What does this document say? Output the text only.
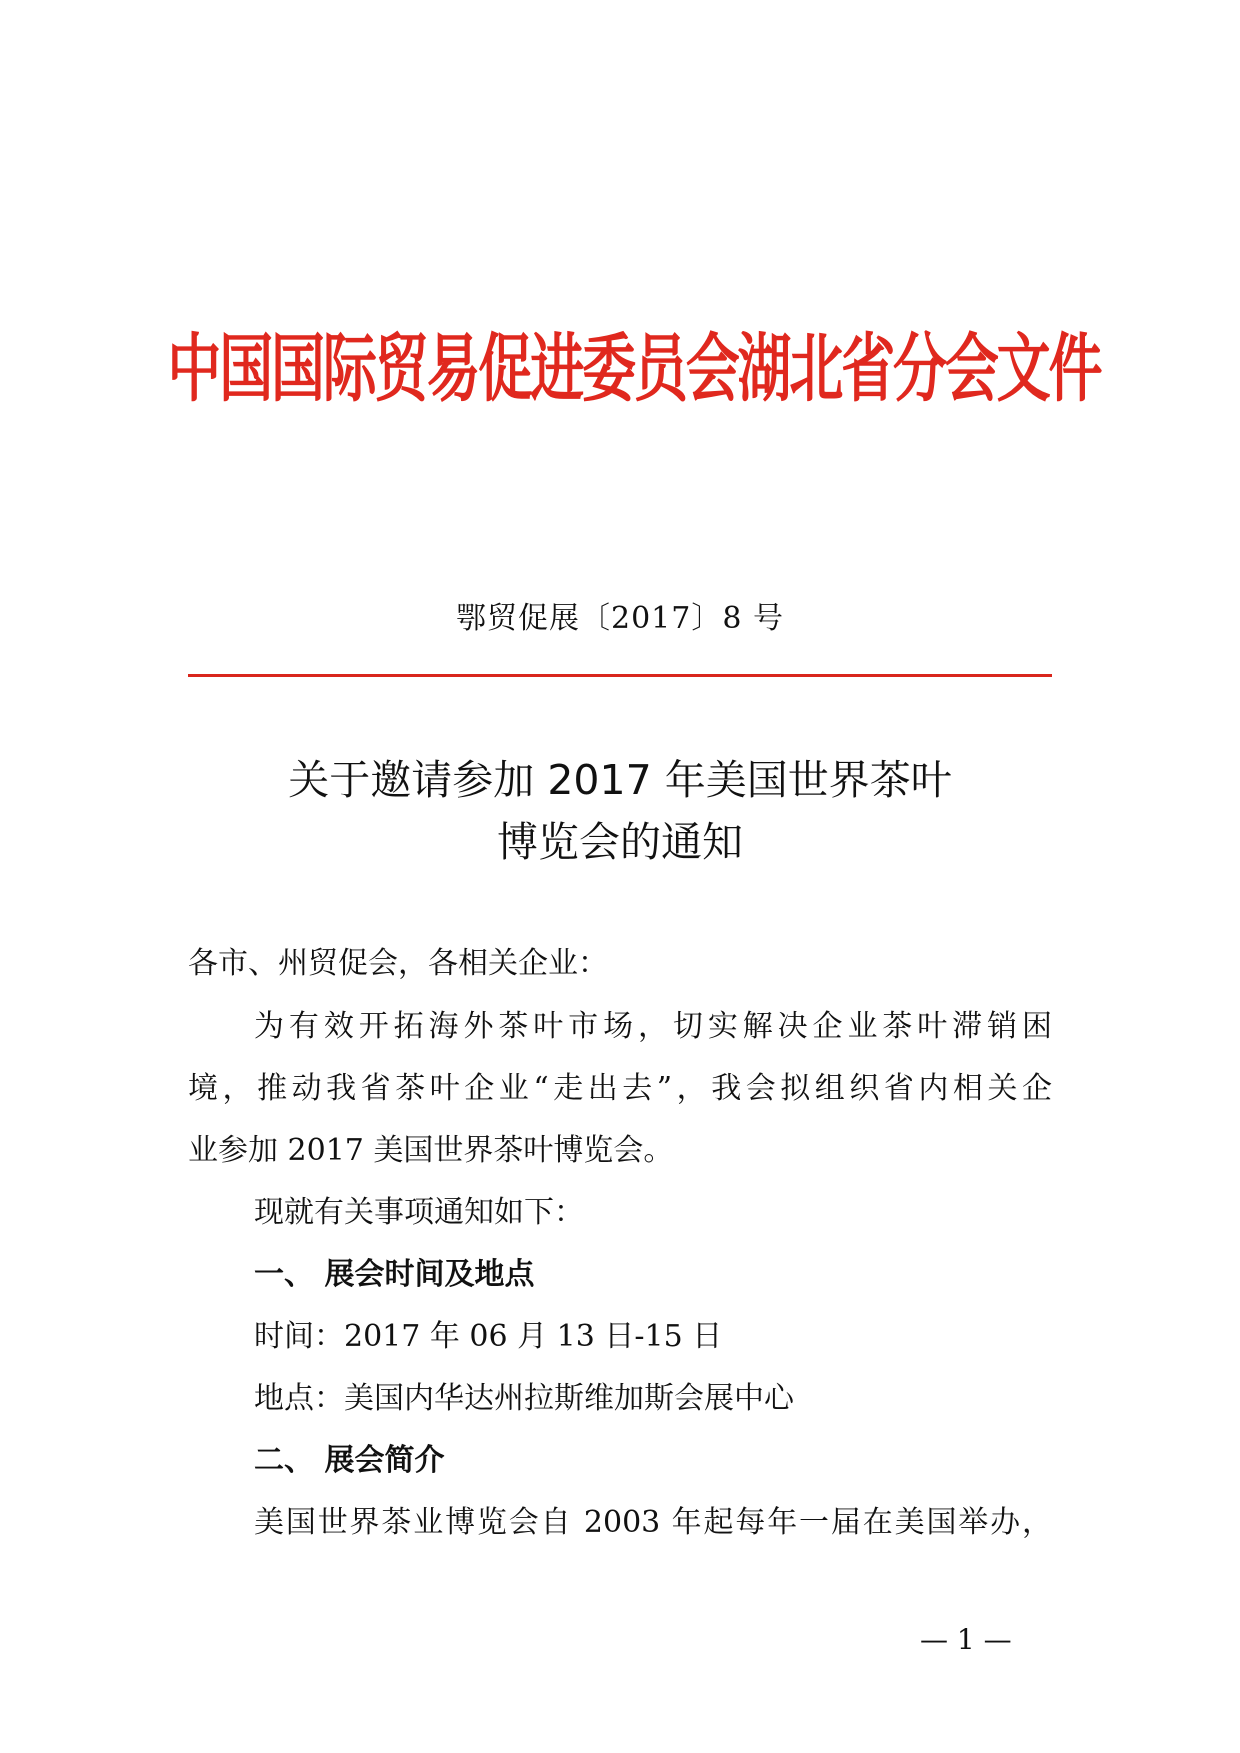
中国国际贸易促进委员会湖北省分会文件
鄂贸促展〔2017〕8 号
关于邀请参加 2017 年美国世界茶叶
博览会的通知

各市、州贸促会，各相关企业：

为有效开拓海外茶叶市场，切实解决企业茶叶滞销困

境，推动我省茶叶企业“走出去”，我会拟组织省内相关企

业参加 2017 美国世界茶叶博览会。

现就有关事项通知如下：

一、 展会时间及地点

时间：2017 年 06 月 13 日-15 日

地点：美国内华达州拉斯维加斯会展中心

二、 展会简介

美国世界茶业博览会自 2003 年起每年一届在美国举办，

— 1 —
